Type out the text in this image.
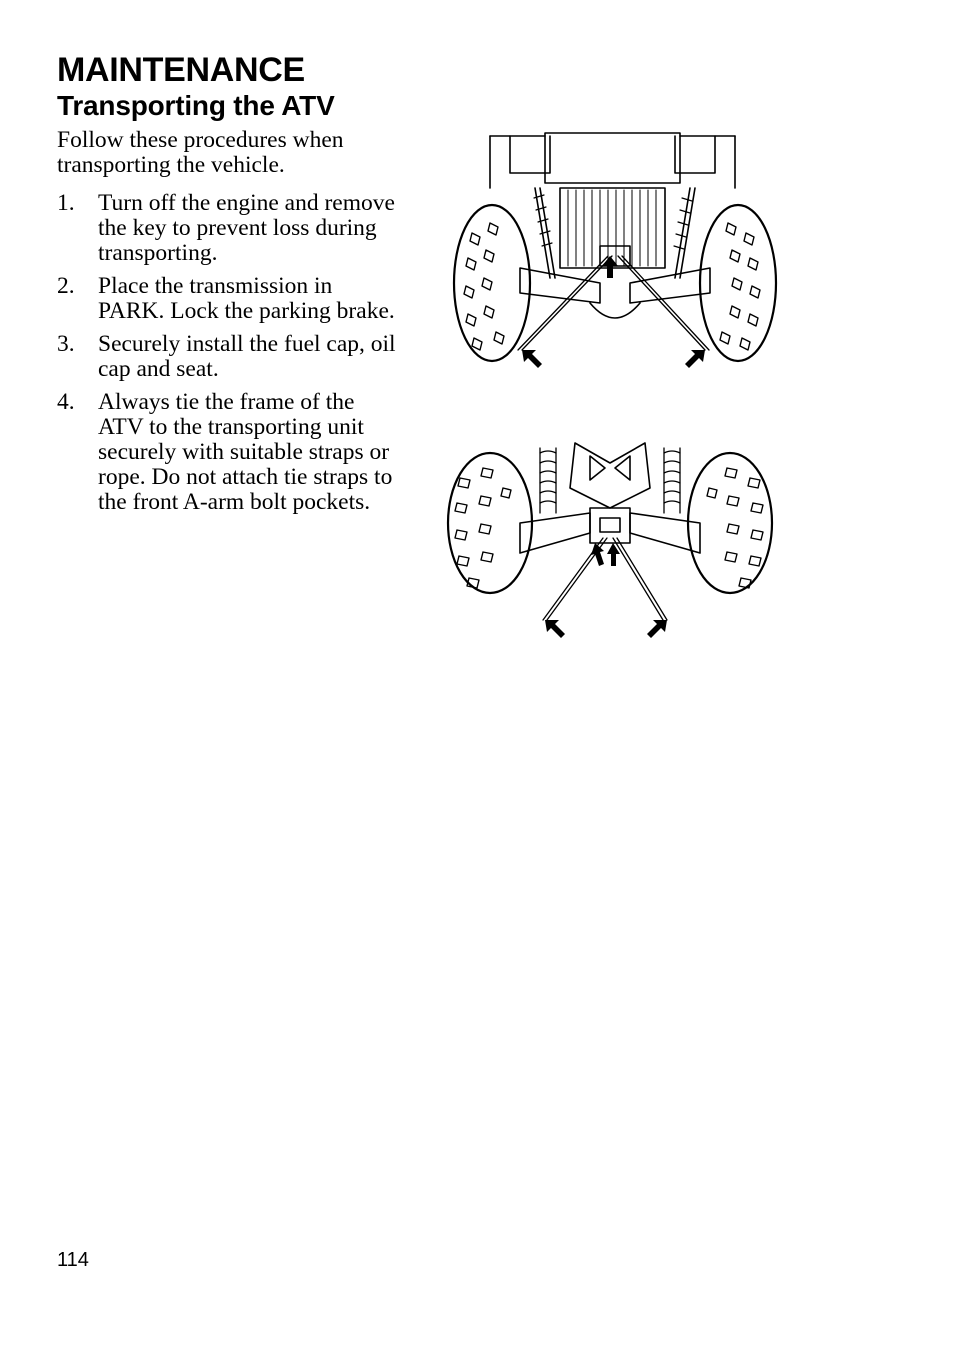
MAINTENANCE
Transporting the ATV

Follow these procedures when transporting the vehicle.

1. Turn off the engine and remove the key to prevent loss during transporting.
2. Place the transmission in PARK. Lock the parking brake.
3. Securely install the fuel cap, oil cap and seat.
4. Always tie the frame of the ATV to the transporting unit securely with suitable straps or rope. Do not attach tie straps to the front A-arm bolt pockets.
114
